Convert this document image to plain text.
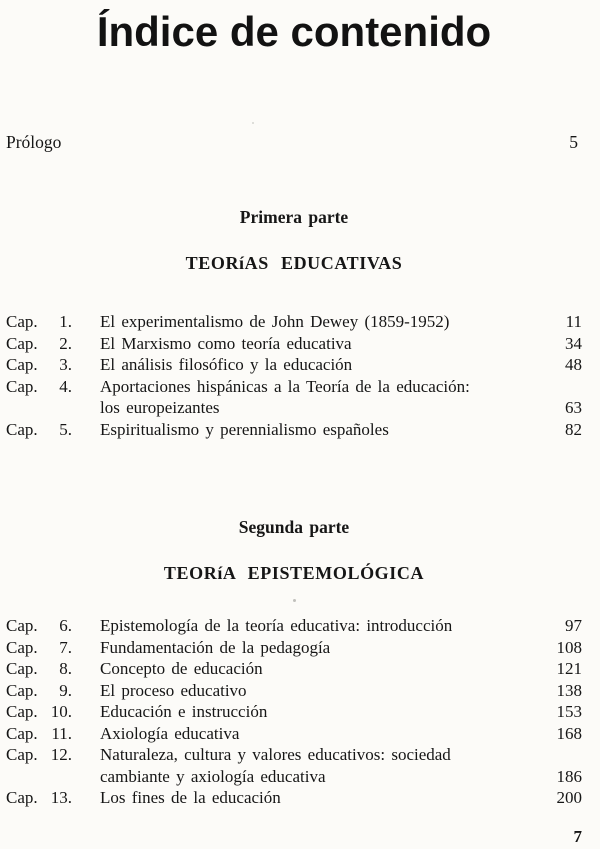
Índice de contenido
Prólogo	5
Primera parte
TEORíAS EDUCATIVAS
Cap.	1. El experimentalismo de John Dewey (1859-1952)	11
Cap.	2. El Marxismo como teoría educativa	34
Cap.	3. El análisis filosófico y la educación	48
Cap.	4. Aportaciones hispánicas a la Teoría de la educación:
los europeizantes	63
Cap.	5. Espiritualismo y perennialismo españoles	82
Segunda parte
TEORíA EPISTEMOLÓGICA
Cap.	6. Epistemología de la teoría educativa: introducción	97
Cap.	7. Fundamentación de la pedagogía	108
Cap.	8. Concepto de educación	121
Cap.	9. El proceso educativo	138
Cap. 10. Educación e instrucción	153
Cap. 11. Axiología educativa	168
Cap. 12. Naturaleza, cultura y valores educativos: sociedad
cambiante y axiología educativa	186
Cap. 13. Los fines de la educación	200
7
